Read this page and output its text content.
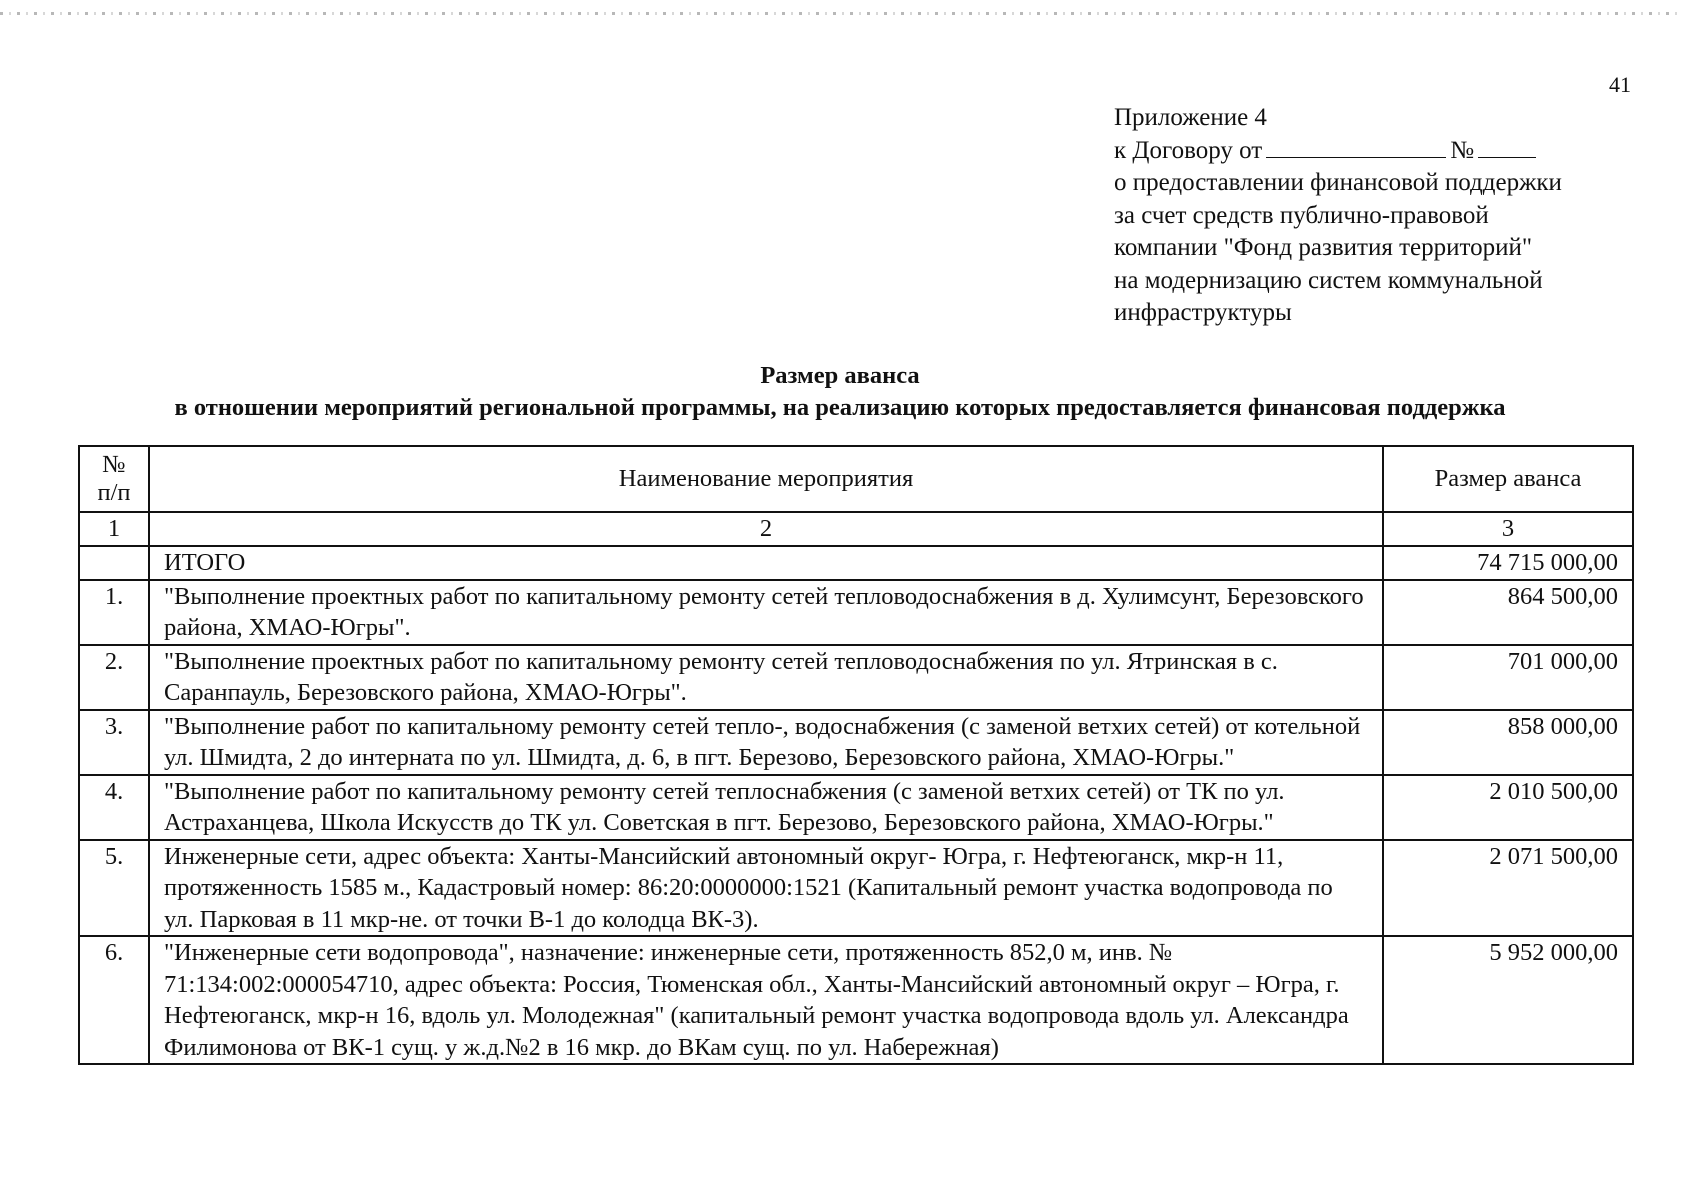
41
Приложение 4
к Договору от	№
о предоставлении финансовой поддержки
за счет средств публично-правовой
компании "Фонд развития территорий"
на модернизацию систем коммунальной
инфраструктуры
Размер аванса
в отношении мероприятий региональной программы, на реализацию которых предоставляется финансовая поддержка
№ п/п	Наименование мероприятия	Размер аванса
1	2	3
	ИТОГО	74 715 000,00
1.	"Выполнение проектных работ по капитальному ремонту сетей тепловодоснабжения в д. Хулимсунт, Березовского района, ХМАО-Югры".	864 500,00
2.	"Выполнение проектных работ по капитальному ремонту сетей тепловодоснабжения по ул. Ятринская в с. Саранпауль, Березовского района, ХМАО-Югры".	701 000,00
3.	"Выполнение работ по капитальному ремонту сетей тепло-, водоснабжения (с заменой ветхих сетей) от котельной ул. Шмидта, 2 до интерната по ул. Шмидта, д. 6, в пгт. Березово, Березовского района, ХМАО-Югры."	858 000,00
4.	"Выполнение работ по капитальному ремонту сетей теплоснабжения (с заменой ветхих сетей) от ТК по ул. Астраханцева, Школа Искусств до ТК ул. Советская в пгт. Березово, Березовского района, ХМАО-Югры."	2 010 500,00
5.	Инженерные сети, адрес объекта: Ханты-Мансийский автономный округ- Югра, г. Нефтеюганск, мкр-н 11, протяженность 1585 м., Кадастровый номер: 86:20:0000000:1521 (Капитальный ремонт участка водопровода по ул. Парковая в 11 мкр-не. от точки В-1 до колодца ВК-3).	2 071 500,00
6.	"Инженерные сети водопровода", назначение: инженерные сети, протяженность 852,0 м, инв. № 71:134:002:000054710, адрес объекта: Россия, Тюменская обл., Ханты-Мансийский автономный округ – Югра, г. Нефтеюганск, мкр-н 16, вдоль ул. Молодежная" (капитальный ремонт участка водопровода вдоль ул. Александра Филимонова от ВК-1 сущ. у ж.д.№2 в 16 мкр. до ВКам сущ. по ул. Набережная)	5 952 000,00
